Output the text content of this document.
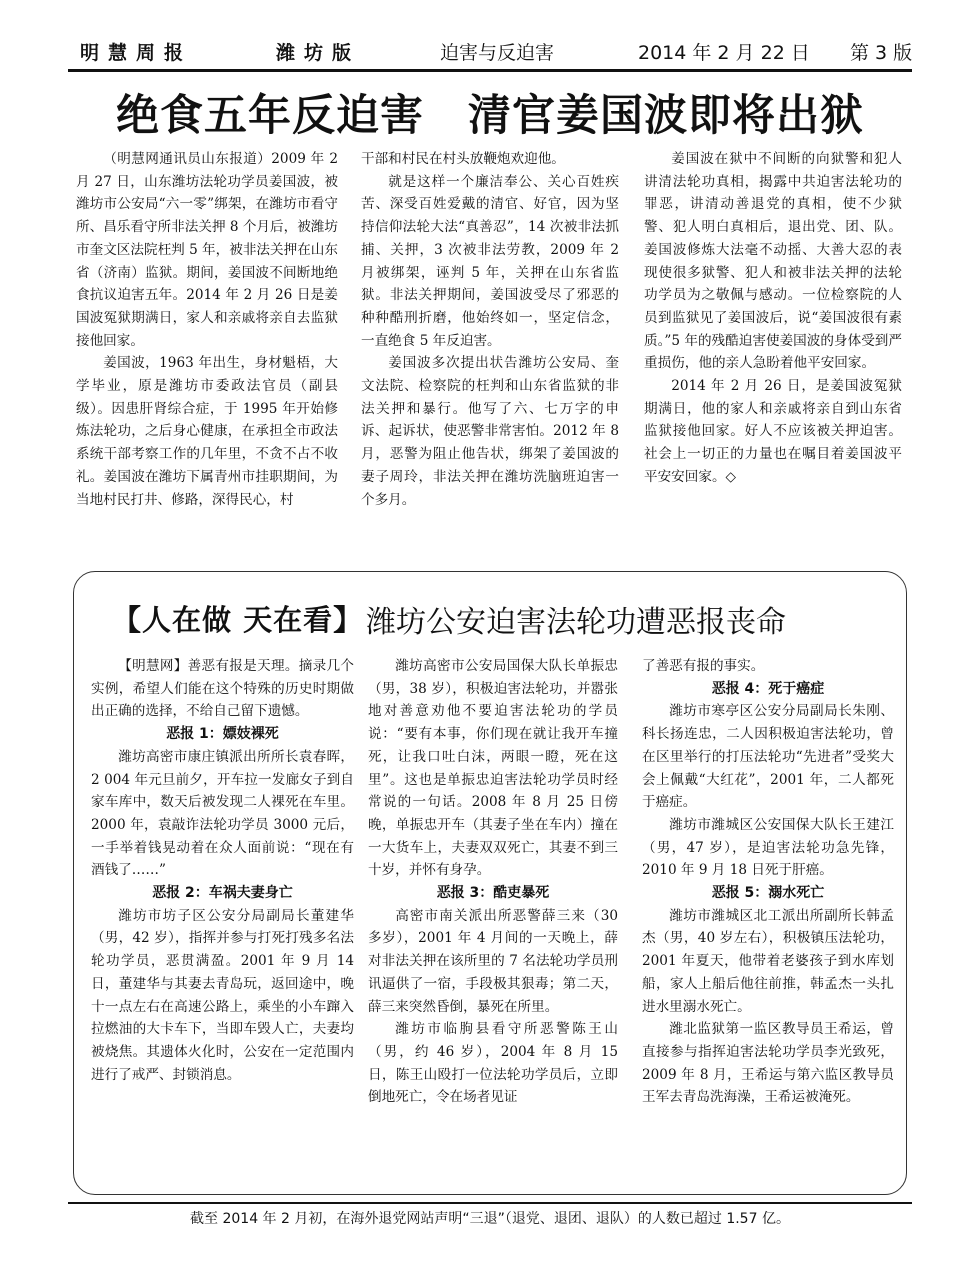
明慧周报	潍坊版	迫害与反迫害	2014 年 2 月 22 日 第 3 版
绝食五年反迫害　清官姜国波即将出狱

（明慧网通讯员山东报道）2009 年 2 月 27 日，山东潍坊法轮功学员姜国波，被潍坊市公安局“六一零”绑架，在潍坊市看守所、昌乐看守所非法关押 8 个月后，被潍坊市奎文区法院枉判 5 年，被非法关押在山东省（济南）监狱。期间，姜国波不间断地绝食抗议迫害五年。2014 年 2 月 26 日是姜国波冤狱期满日，家人和亲戚将亲自去监狱接他回家。

姜国波，1963 年出生，身材魁梧，大学毕业，原是潍坊市委政法官员（副县级）。因患肝肾综合症，于 1995 年开始修炼法轮功，之后身心健康，在承担全市政法系统干部考察工作的几年里，不贪不占不收礼。姜国波在潍坊下属青州市挂职期间，为当地村民打井、修路，深得民心，村

干部和村民在村头放鞭炮欢迎他。

就是这样一个廉洁奉公、关心百姓疾苦、深受百姓爱戴的清官、好官，因为坚持信仰法轮大法“真善忍”，14 次被非法抓捕、关押，3 次被非法劳教，2009 年 2 月被绑架，诬判 5 年，关押在山东省监狱。非法关押期间，姜国波受尽了邪恶的种种酷刑折磨，他始终如一，坚定信念，一直绝食 5 年反迫害。

姜国波多次提出状告潍坊公安局、奎文法院、检察院的枉判和山东省监狱的非法关押和暴行。他写了六、七万字的申诉、起诉状，使恶警非常害怕。2012 年 8 月，恶警为阻止他告状，绑架了姜国波的妻子周玲，非法关押在潍坊洗脑班迫害一个多月。

姜国波在狱中不间断的向狱警和犯人讲清法轮功真相，揭露中共迫害法轮功的罪恶，讲清动善退党的真相，使不少狱警、犯人明白真相后，退出党、团、队。姜国波修炼大法毫不动摇、大善大忍的表现使很多狱警、犯人和被非法关押的法轮功学员为之敬佩与感动。一位检察院的人员到监狱见了姜国波后，说“姜国波很有素质。”5 年的残酷迫害使姜国波的身体受到严重损伤，他的亲人急盼着他平安回家。

2014 年 2 月 26 日，是姜国波冤狱期满日，他的家人和亲戚将亲自到山东省监狱接他回家。好人不应该被关押迫害。社会上一切正的力量也在嘱目着姜国波平平安安回家。◇

【人在做 天在看】 潍坊公安迫害法轮功遭恶报丧命

【明慧网】善恶有报是天理。摘录几个实例，希望人们能在这个特殊的历史时期做出正确的选择，不给自己留下遗憾。

恶报 1：嫖妓裸死

潍坊高密市康庄镇派出所所长袁春晖，2 004 年元旦前夕，开车拉一发廊女子到自家车库中，数天后被发现二人裸死在车里。2000 年，袁敲诈法轮功学员 3000 元后，一手举着钱晃动着在众人面前说：“现在有酒钱了……”

恶报 2：车祸夫妻身亡

潍坊市坊子区公安分局副局长董建华（男，42 岁），指挥并参与打死打残多名法轮功学员，恶贯满盈。2001 年 9 月 14 日，董建华与其妻去青岛玩，返回途中，晚十一点左右在高速公路上，乘坐的小车蹿入拉燃油的大卡车下，当即车毁人亡，夫妻均被烧焦。其遗体火化时，公安在一定范围内进行了戒严、封锁消息。

潍坊高密市公安局国保大队长单振忠（男，38 岁），积极迫害法轮功，并嚣张地对善意劝他不要迫害法轮功的学员说：“要有本事，你们现在就让我开车撞死，让我口吐白沫，两眼一瞪，死在这里”。这也是单振忠迫害法轮功学员时经常说的一句话。2008 年 8 月 25 日傍晚，单振忠开车（其妻子坐在车内）撞在一大货车上，夫妻双双死亡，其妻不到三十岁，并怀有身孕。

恶报 3：酷吏暴死

高密市南关派出所恶警薛三来（30 多岁），2001 年 4 月间的一天晚上，薛对非法关押在该所里的 7 名法轮功学员刑讯逼供了一宿，手段极其狠毒；第二天，薛三来突然昏倒，暴死在所里。

潍坊市临朐县看守所恶警陈王山（男，约 46 岁），2004 年 8 月 15 日，陈王山殴打一位法轮功学员后，立即倒地死亡，令在场者见证

了善恶有报的事实。

恶报 4：死于癌症

潍坊市寒亭区公安分局副局长朱刚、科长扬连忠，二人因积极迫害法轮功，曾在区里举行的打压法轮功“先进者”受奖大会上佩戴“大红花”，2001 年，二人都死于癌症。

潍坊市潍城区公安国保大队长王建江（男，47 岁），是迫害法轮功急先锋，2010 年 9 月 18 日死于肝癌。

恶报 5：溺水死亡

潍坊市潍城区北工派出所副所长韩孟杰（男，40 岁左右），积极镇压法轮功，2001 年夏天，他带着老婆孩子到水库划船，家人上船后他往前推，韩孟杰一头扎进水里溺水死亡。

潍北监狱第一监区教导员王希运，曾直接参与指挥迫害法轮功学员李光致死，2009 年 8 月，王希运与第六监区教导员王军去青岛洗海澡，王希运被淹死。

截至 2014 年 2 月初，在海外退党网站声明“三退”（退党、退团、退队）的人数已超过 1.57 亿。
